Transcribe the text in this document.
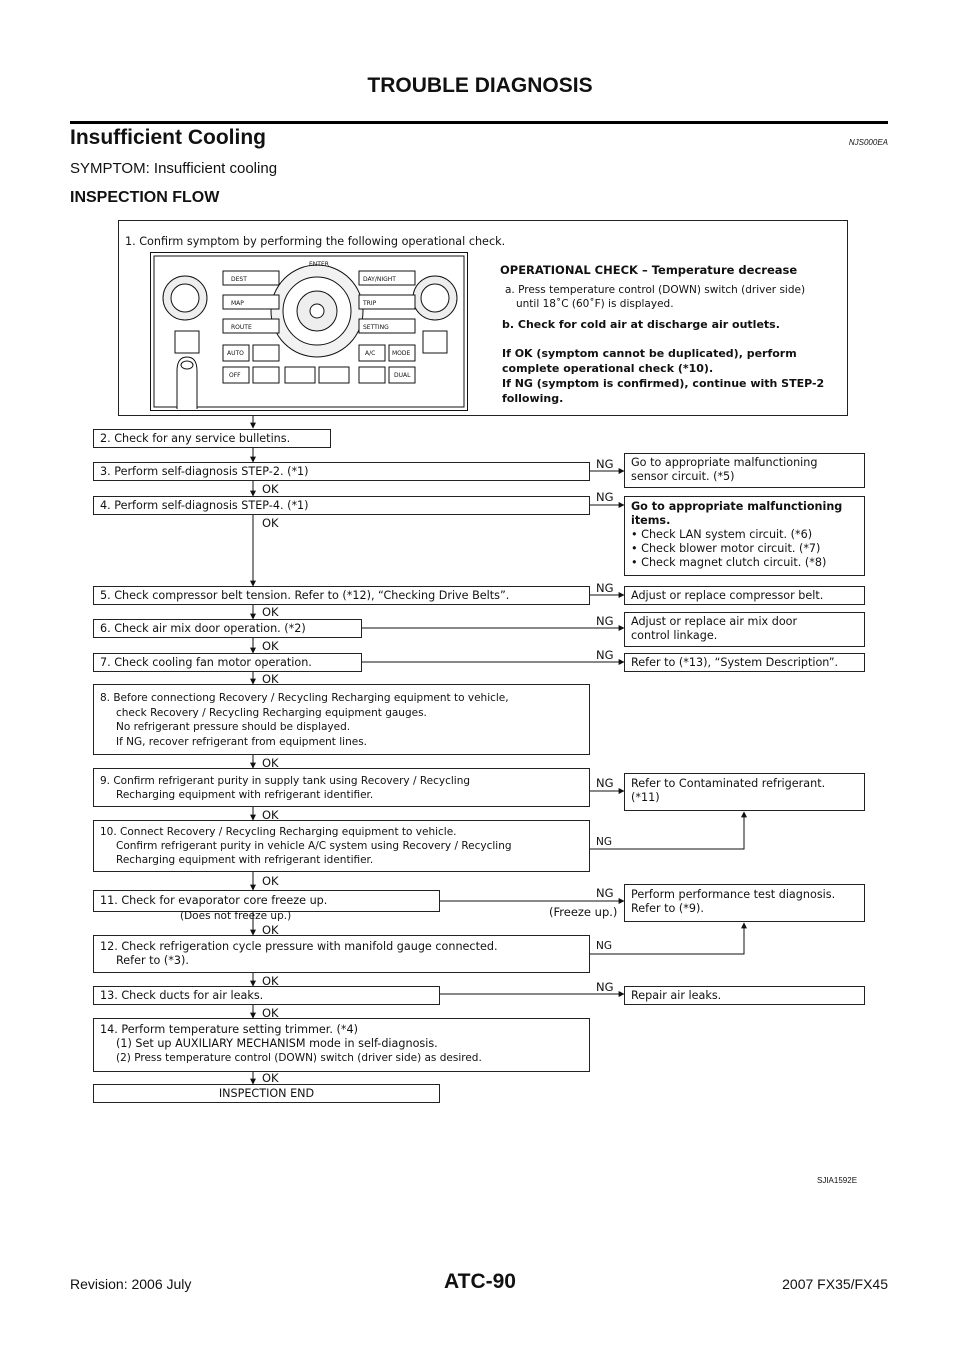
TROUBLE DIAGNOSIS
Insufficient Cooling	NJS000EA
SYMPTOM: Insufficient cooling
INSPECTION FLOW
1. Confirm symptom by performing the following operational check.
DEST
MAP
ROUTE
ENTER
DAY/NIGHT
TRIP
SETTING
AUTO
OFF
A/C	MODE
DUAL
OPERATIONAL CHECK – Temperature decrease
a. Press temperature control (DOWN) switch (driver side)
until 18˚C (60˚F) is displayed.
b. Check for cold air at discharge air outlets.
If OK (symptom cannot be duplicated), perform
complete operational check (*10).
If NG (symptom is confirmed), continue with STEP-2
following.
2. Check for any service bulletins.
3. Perform self-diagnosis STEP-2. (*1)
4. Perform self-diagnosis STEP-4. (*1)
5. Check compressor belt tension. Refer to (*12), “Checking Drive Belts”.
6. Check air mix door operation. (*2)
7. Check cooling fan motor operation.
8. Before connectiong Recovery / Recycling Recharging equipment to vehicle,
check Recovery / Recycling Recharging equipment gauges.
No refrigerant pressure should be displayed.
If NG, recover refrigerant from equipment lines.
9. Confirm refrigerant purity in supply tank using Recovery / Recycling
Recharging equipment with refrigerant identifier.
10. Connect Recovery / Recycling Recharging equipment to vehicle.
Confirm refrigerant purity in vehicle A/C system using Recovery / Recycling
Recharging equipment with refrigerant identifier.
11. Check for evaporator core freeze up.
12. Check refrigeration cycle pressure with manifold gauge connected.
Refer to (*3).
13. Check ducts for air leaks.
14. Perform temperature setting trimmer. (*4)
(1) Set up AUXILIARY MECHANISM mode in self-diagnosis.
(2) Press temperature control (DOWN) switch (driver side) as desired.
INSPECTION END
Go to appropriate malfunctioning
sensor circuit. (*5)
Go to appropriate malfunctioning
items.
• Check LAN system circuit. (*6)
• Check blower motor circuit. (*7)
• Check magnet clutch circuit. (*8)
Adjust or replace compressor belt.
Adjust or replace air mix door
control linkage.
Refer to (*13), “System Description”.
Refer to Contaminated refrigerant.
(*11)
Perform performance test diagnosis.
Refer to (*9).
Repair air leaks.
OK
OK
OK
OK
OK
OK
OK
OK
OK
OK
OK
OK
NG
NG
NG
NG
NG
NG
NG
NG
NG
NG
(Does not freeze up.)	(Freeze up.)
SJIA1592E
Revision: 2006 July	ATC-90	2007 FX35/FX45
